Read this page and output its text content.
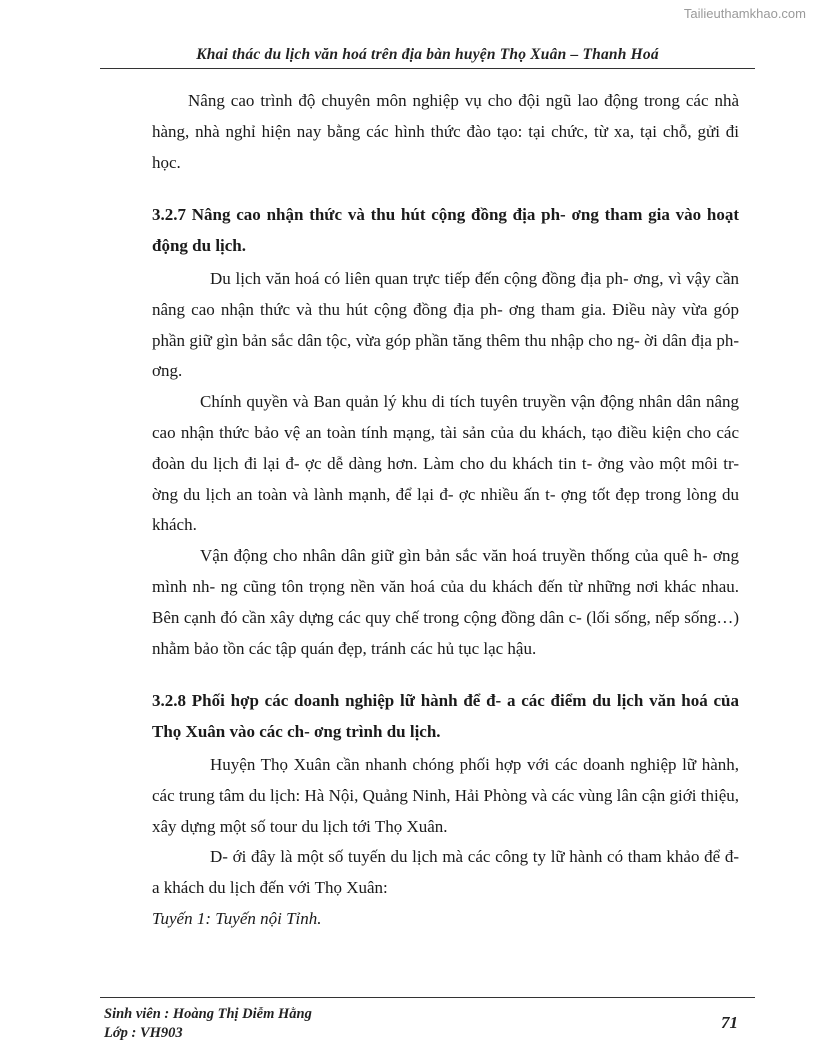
Tailieuthamkhao.com
Khai thác du lịch văn hoá trên địa bàn huyện Thọ Xuân – Thanh Hoá

Nâng cao trình độ chuyên môn nghiệp vụ cho đội ngũ lao động trong các nhà hàng, nhà nghỉ hiện nay bằng các hình thức đào tạo: tại chức, từ xa, tại chỗ, gửi đi học.

3.2.7 Nâng cao nhận thức và thu hút cộng đồng địa ph- ơng tham gia vào hoạt động du lịch.

Du lịch văn hoá có liên quan trực tiếp đến cộng đồng địa ph- ơng, vì vậy cần nâng cao nhận thức và thu hút cộng đồng địa ph- ơng tham gia. Điều này vừa góp phần giữ gìn bản sắc dân tộc, vừa góp phần tăng thêm thu nhập cho ng- ời dân địa ph- ơng.

Chính quyền và Ban quản lý khu di tích tuyên truyền vận động nhân dân nâng cao nhận thức bảo vệ an toàn tính mạng, tài sản của du khách, tạo điều kiện cho các đoàn du lịch đi lại đ- ợc dễ dàng hơn. Làm cho du khách tin t- ởng vào một môi tr- ờng du lịch an toàn và lành mạnh, để lại đ- ợc nhiều ấn t- ợng tốt đẹp trong lòng du khách.

Vận động cho nhân dân giữ gìn bản sắc văn hoá truyền thống của quê h- ơng mình nh- ng cũng tôn trọng nền văn hoá của du khách đến từ những nơi khác nhau. Bên cạnh đó cần xây dựng các quy chế trong cộng đồng dân c- (lối sống, nếp sống…) nhằm bảo tồn các tập quán đẹp, tránh các hủ tục lạc hậu.

3.2.8 Phối hợp các doanh nghiệp lữ hành để đ- a các điểm du lịch văn hoá của Thọ Xuân vào các ch- ơng trình du lịch.

Huyện Thọ Xuân cần nhanh chóng phối hợp với các doanh nghiệp lữ hành, các trung tâm du lịch: Hà Nội, Quảng Ninh, Hải Phòng và các vùng lân cận giới thiệu, xây dựng một số tour du lịch tới Thọ Xuân.

D- ới đây là một số tuyến du lịch mà các công ty lữ hành có tham khảo để đ- a khách du lịch đến với Thọ Xuân:

Tuyến 1: Tuyến nội Tỉnh.

Sinh viên : Hoàng Thị Diễm Hằng
Lớp : VH903
71
